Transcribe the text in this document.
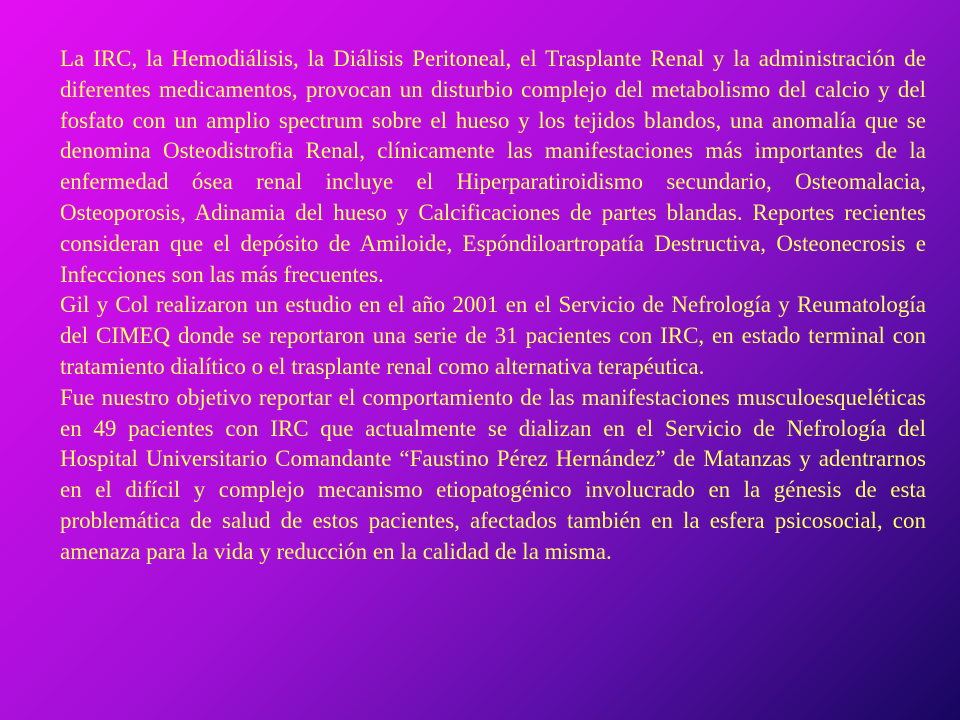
La IRC, la Hemodiálisis, la Diálisis Peritoneal, el Trasplante Renal y la administración de diferentes medicamentos, provocan un disturbio complejo del metabolismo del calcio y del fosfato con un amplio spectrum sobre el hueso y los tejidos blandos, una anomalía que se denomina Osteodistrofia Renal, clínicamente las manifestaciones más importantes de la enfermedad ósea renal incluye el Hiperparatiroidismo secundario, Osteomalacia, Osteoporosis, Adinamia del hueso y Calcificaciones de partes blandas. Reportes recientes consideran que el depósito de Amiloide, Espóndiloartropatía Destructiva, Osteonecrosis e Infecciones son las más frecuentes.

Gil y Col realizaron un estudio en el año 2001 en el Servicio de Nefrología y Reumatología del CIMEQ donde se reportaron una serie de 31 pacientes con IRC, en estado terminal con tratamiento dialítico o el trasplante renal como alternativa terapéutica.

Fue nuestro objetivo reportar el comportamiento de las manifestaciones musculoesqueléticas en 49 pacientes con IRC que actualmente se dializan en el Servicio de Nefrología del Hospital Universitario Comandante “Faustino Pérez Hernández” de Matanzas y adentrarnos en el difícil y complejo mecanismo etiopatogénico involucrado en la génesis de esta problemática de salud de estos pacientes, afectados también en la esfera psicosocial, con amenaza para la vida y reducción en la calidad de la misma.
